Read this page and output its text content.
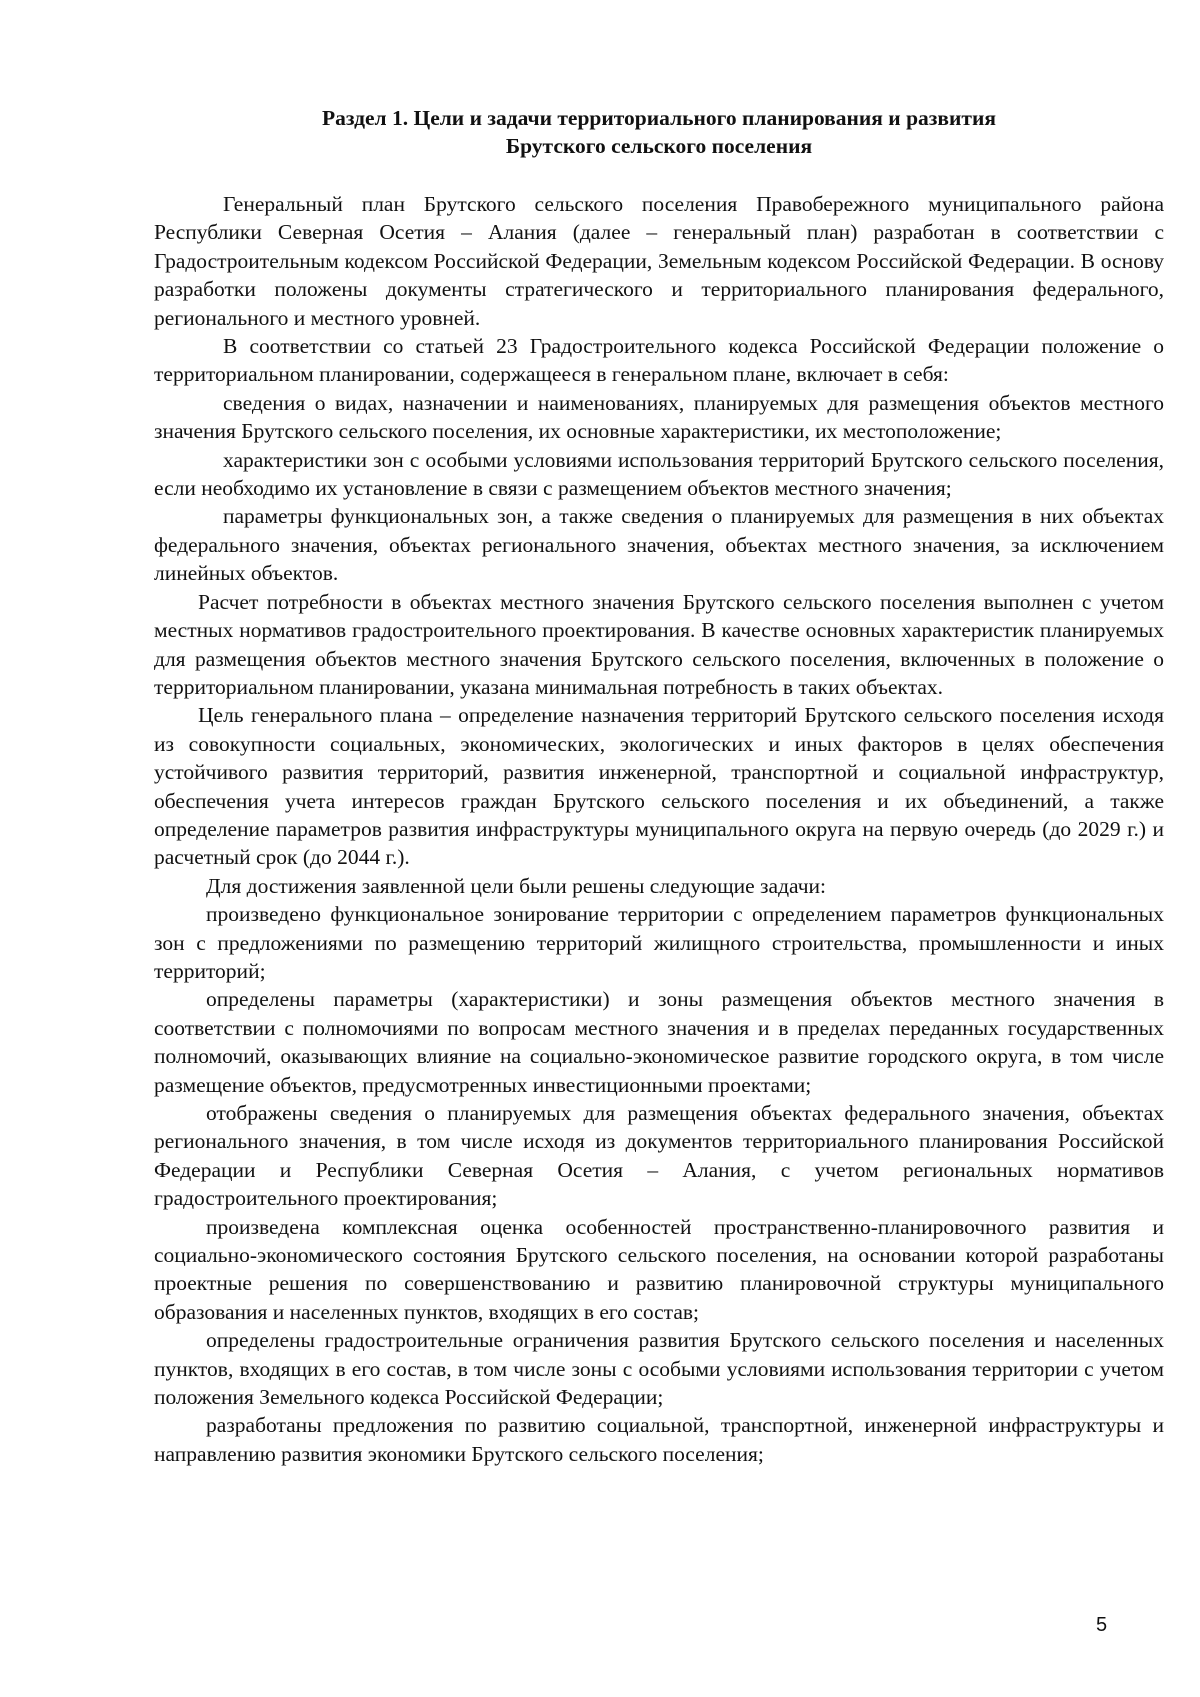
Раздел 1. Цели и задачи территориального планирования и развития
Брутского сельского поселения

Генеральный план Брутского сельского поселения Правобережного муниципального района Республики Северная Осетия – Алания (далее – генеральный план) разработан в соответствии с Градостроительным кодексом Российской Федерации, Земельным кодексом Российской Федерации. В основу разработки положены документы стратегического и территориального планирования федерального, регионального и местного уровней.

В соответствии со статьей 23 Градостроительного кодекса Российской Федерации положение о территориальном планировании, содержащееся в генеральном плане, включает в себя:

сведения о видах, назначении и наименованиях, планируемых для размещения объектов местного значения Брутского сельского поселения, их основные характеристики, их местоположение;

характеристики зон с особыми условиями использования территорий Брутского сельского поселения, если необходимо их установление в связи с размещением объектов местного значения;

параметры функциональных зон, а также сведения о планируемых для размещения в них объектах федерального значения, объектах регионального значения, объектах местного значения, за исключением линейных объектов.

Расчет потребности в объектах местного значения Брутского сельского поселения выполнен с учетом местных нормативов градостроительного проектирования. В качестве основных характеристик планируемых для размещения объектов местного значения Брутского сельского поселения, включенных в положение о территориальном планировании, указана минимальная потребность в таких объектах.

Цель генерального плана – определение назначения территорий Брутского сельского поселения исходя из совокупности социальных, экономических, экологических и иных факторов в целях обеспечения устойчивого развития территорий, развития инженерной, транспортной и социальной инфраструктур, обеспечения учета интересов граждан Брутского сельского поселения и их объединений, а также определение параметров развития инфраструктуры муниципального округа на первую очередь (до 2029 г.) и расчетный срок (до 2044 г.).

Для достижения заявленной цели были решены следующие задачи:

произведено функциональное зонирование территории с определением параметров функциональных зон с предложениями по размещению территорий жилищного строительства, промышленности и иных территорий;

определены параметры (характеристики) и зоны размещения объектов местного значения в соответствии с полномочиями по вопросам местного значения и в пределах переданных государственных полномочий, оказывающих влияние на социально-экономическое развитие городского округа, в том числе размещение объектов, предусмотренных инвестиционными проектами;

отображены сведения о планируемых для размещения объектах федерального значения, объектах регионального значения, в том числе исходя из документов территориального планирования Российской Федерации и Республики Северная Осетия – Алания, с учетом региональных нормативов градостроительного проектирования;

произведена комплексная оценка особенностей пространственно-планировочного развития и социально-экономического состояния Брутского сельского поселения, на основании которой разработаны проектные решения по совершенствованию и развитию планировочной структуры муниципального образования и населенных пунктов, входящих в его состав;

определены градостроительные ограничения развития Брутского сельского поселения и населенных пунктов, входящих в его состав, в том числе зоны с особыми условиями использования территории с учетом положения Земельного кодекса Российской Федерации;

разработаны предложения по развитию социальной, транспортной, инженерной инфраструктуры и направлению развития экономики Брутского сельского поселения;

5
